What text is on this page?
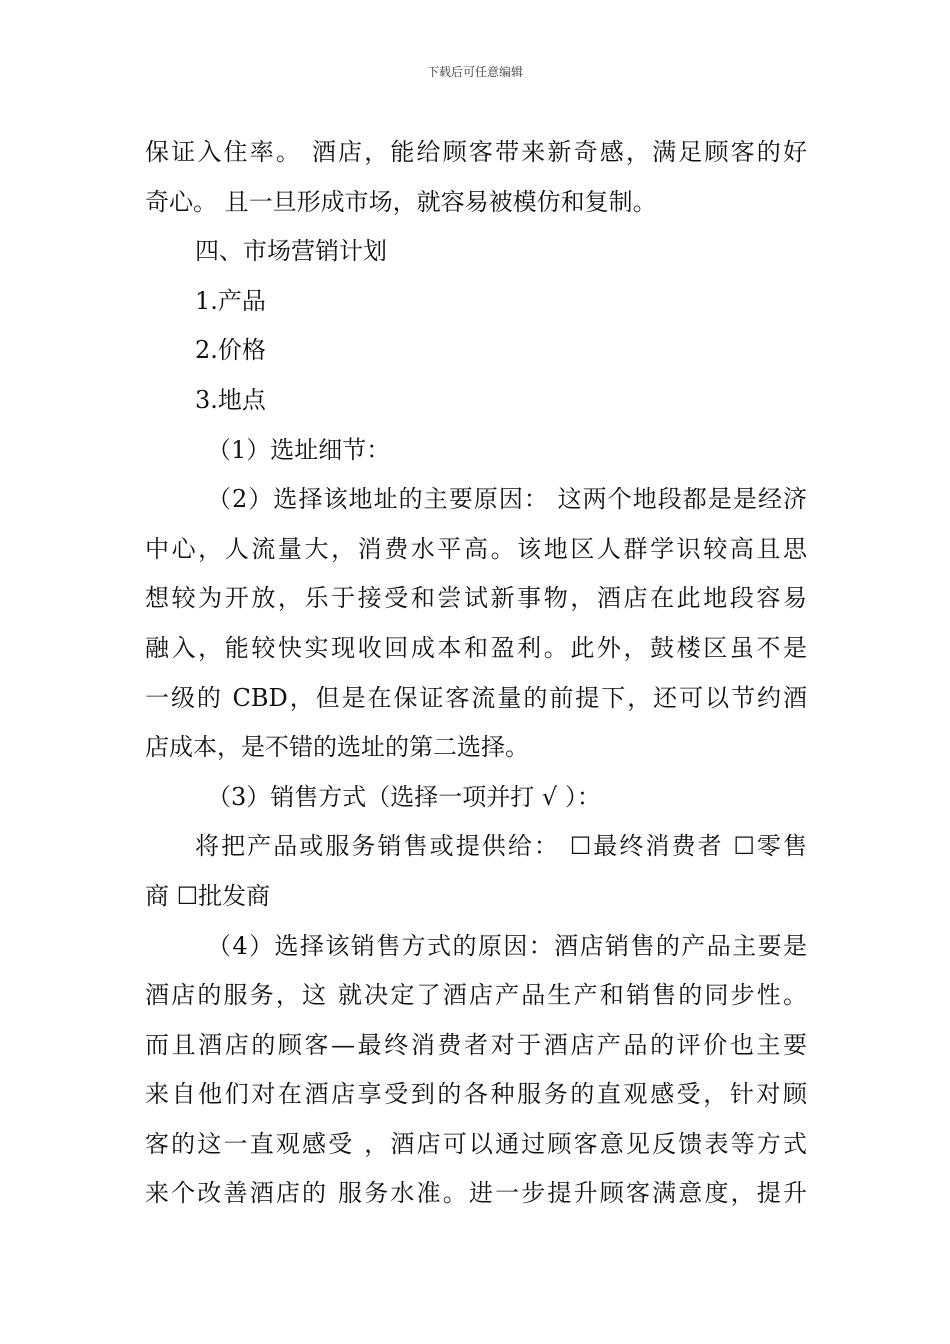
下载后可任意编辑
保证入住率。 酒店，能给顾客带来新奇感，满足顾客的好
奇心。 且一旦形成市场，就容易被模仿和复制。
四、市场营销计划
1.产品
2.价格
3.地点
（1）选址细节：
（2）选择该地址的主要原因： 这两个地段都是是经济
中心，人流量大，消费水平高。该地区人群学识较高且思
想较为开放，乐于接受和尝试新事物，酒店在此地段容易
融入，能较快实现收回成本和盈利。此外，鼓楼区虽不是
一级的 CBD，但是在保证客流量的前提下，还可以节约酒
店成本，是不错的选址的第二选择。
（3）销售方式（选择一项并打 √ ）：
将把产品或服务销售或提供给： ☐最终消费者 ☐零售
商 ☐批发商
（4）选择该销售方式的原因：酒店销售的产品主要是
酒店的服务，这 就决定了酒店产品生产和销售的同步性。
而且酒店的顾客—最终消费者对于酒店产品的评价也主要
来自他们对在酒店享受到的各种服务的直观感受，针对顾
客的这一直观感受 ，酒店可以通过顾客意见反馈表等方式
来个改善酒店的 服务水准。进一步提升顾客满意度，提升
